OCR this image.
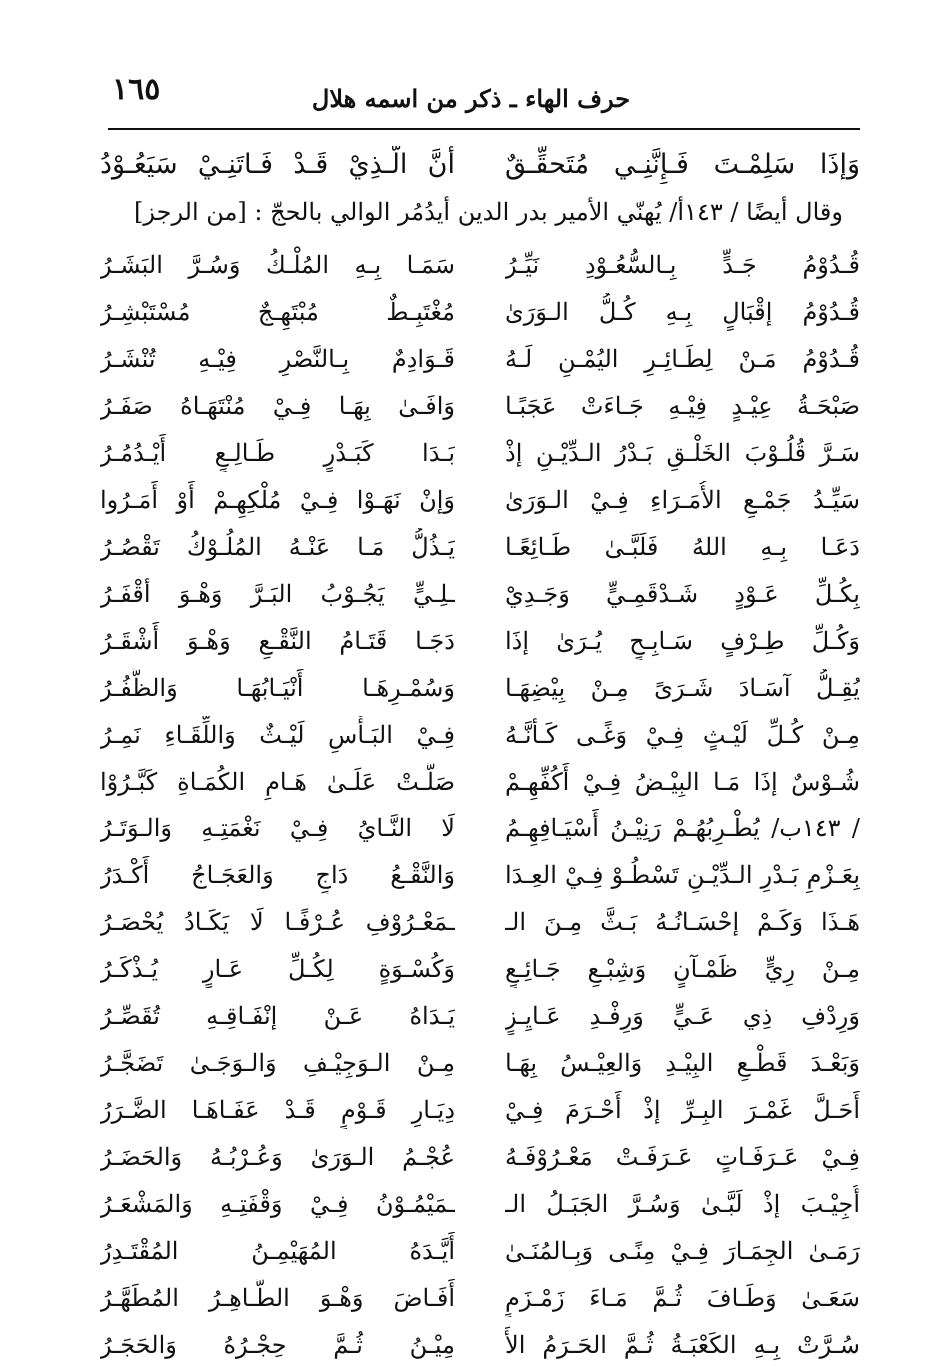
١٦٥	حرف الهاء ـ ذكر من اسمه هلال
وَإذَا سَلِمْـتَ فَـإِنَّنِـي مُتَحقِّـقٌ
أنَّ الَّـذِيْ قَـدْ فَـاتَنِـيْ سَيَعُـوْدُ
وقال أيضًا / ١٤٣أ/ يُهنّي الأمير بدر الدين أيدُمُر الوالي بالحجّ : [من الرجز]
قُـدُوْمُ جَـدٍّ بِـالسُّعُـوْدِ نَيِّـرُ
سَمَـا بِـهِ المُلْـكُ وَسُـرَّ البَشَـرُ
قُـدُوْمُ إقْبَالٍ بِـهِ كُـلُّ الـوَرَىٰ
مُغْتَبِـطٌ مُبْتَهِـجٌ مُسْتَبْشِـرُ
قُـدُوْمُ مَـنْ لِطَـائِـرِ اليُمْـنِ لَـهُ
قَـوَادِمٌ بِـالنَّصْرِ فِيْـهِ تُنْشَـرُ
صَبْحَـةُ عِيْـدٍ فِيْـهِ جَـاءَتْ عَجَبًـا
وَافَـىٰ بِهَـا فِـيْ مُنْتَهَـاهُ صَفَـرُ
سَـرَّ قُلُـوْبَ الخَلْـقِ بَـدْرُ الـدِّيْـنِ إذْ
بَـدَا كَبَـدْرٍ طَـالِـعٍ أَيْـدُمُـرُ
سَيِّـدُ جَمْـعِ الأُمَـرَاءِ فِـيْ الـوَرَىٰ
وَإنْ نَهَـوْا فِـيْ مُلْكِهِـمْ أَوْ أَمَـرُوا
دَعَـا بِـهِ اللهُ فَلَبَّـىٰ طَـائِعًـا
يَـذُلُّ مَـا عَنْـهُ المُلُـوْكُ تَقْصُـرُ
بِكُـلِّ عَـوْدٍ شَـدْقَمِـيٍّ وَجَـدِيْ
ـلِـيٍّ يَجُـوْبُ البَـرَّ وَهْـوَ أقْفَـرُ
وَكُـلِّ طِـرْفٍ سَـابِـحٍ يُـرَىٰ إذَا
دَجَـا قَتَـامُ النَّقْـعِ وَهْـوَ أَشْقَـرُ
يُقِـلُّ آسَـادَ شَـرَىً مِـنْ بِيْضِهَـا
وَسُمْـرِهَـا أَنْيَـابُهَـا وَالظُّفُـرُ
مِـنْ كُـلِّ لَيْـثٍ فِـيْ وَغًـى كَـأنَّـهُ
فِـيْ البَـأْسِ لَيْـثٌ وَاللِّقَـاءِ نَمِـرُ
شُـوْسٌ إذَا مَـا البِيْـضُ فِـيْ أَكُفِّهِـمْ
صَلَّـتْ عَلَـىٰ هَـامِ الكُمَـاةِ كَبَّـرُوْا
/ ١٤٣ب/ يُطْـرِبُهُـمْ رَنِيْـنُ أَسْيَـافِهِـمُ
لَا النَّـايُ فِـيْ نَغْمَتِـهِ وَالـوَتَـرُ
بِعَـزْمِ بَـدْرِ الـدِّيْـنِ تَسْطُـوْ فِـيْ العِـدَا
وَالنَّقْـعُ دَاجٍ وَالعَجَـاجُ أَكْـدَرُ
هَـذَا وَكَـمْ إحْسَـانُـهُ بَـثَّ مِـنَ الـ
ـمَعْـرُوْفِ عُـرْفًـا لَا يَكَـادُ يُحْصَـرُ
مِـنْ رِيٍّ ظَمْـآنٍ وَشِبْـعِ جَـائِـعٍ
وَكُسْـوَةٍ لِكُـلِّ عَـارٍ يُـذْكَـرُ
وَرِدْفِ ذِي عَـيٍّ وَرِفْـدِ عَـايِـزٍ
يَـدَاهُ عَـنْ إنْفَـاقِـهِ تُقَصِّـرُ
وَبَعْـدَ قَطْـعِ البِيْـدِ وَالعِيْـسُ بِهَـا
مِـنْ الـوَجِيْـفِ وَالـوَجَـىٰ تَضَجَّـرُ
أَحَـلَّ غَمْـرَ البِـرِّ إذْ أَحْـرَمَ فِـيْ
دِيَـارِ قَـوْمٍ قَـدْ عَفَـاهَـا الضَّـرَرُ
فِـيْ عَـرَفَـاتٍ عَـرَفَـتْ مَعْـرُوْفَـهُ
عُجْـمُ الـوَرَىٰ وَعُـرْبُـهُ وَالحَضَـرُ
أُجِيْـبَ إذْ لَبَّـىٰ وَسُـرَّ الجَبَـلُ الـ
ـمَيْمُـوْنُ فِـيْ وَقْفَتِـهِ وَالمَشْعَـرُ
رَمَـىٰ الجِمَـارَ فِـيْ مِنًـى وَبِـالمُنَـىٰ
أَيَّـدَهُ المُهَيْمِـنُ المُقْتَـدِرُ
سَعَـىٰ وَطَـافَ ثُـمَّ مَـاءَ زَمْـزَمٍ
أَفَـاضَ وَهْـوَ الطَّـاهِـرُ المُطَهَّـرُ
سُـرَّتْ بِـهِ الكَعْبَـةُ ثُـمَّ الحَـرَمُ الأَ
مِيْـنُ ثُـمَّ حِجْـرُهُ وَالحَجَـرُ
